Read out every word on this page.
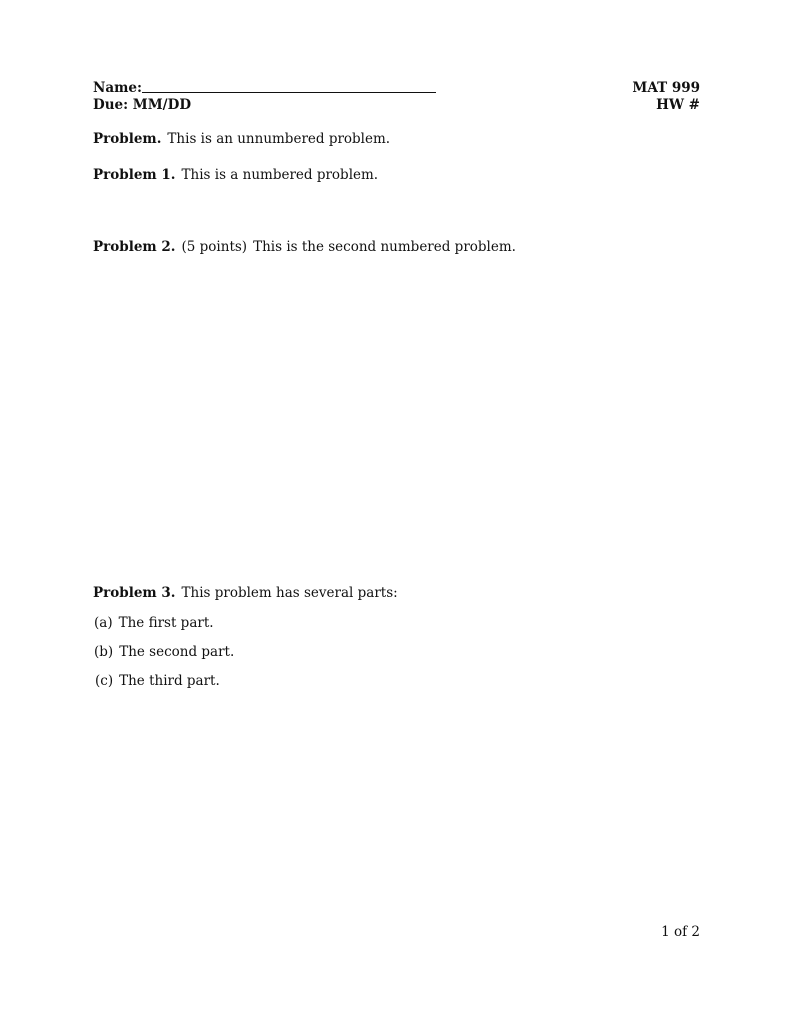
Name:
Due: MM/DD
MAT 999
HW #
Problem. This is an unnumbered problem.
Problem 1. This is a numbered problem.
Problem 2. (5 points) This is the second numbered problem.
Problem 3. This problem has several parts:
(a) The first part.
(b) The second part.
(c) The third part.
1 of 2
